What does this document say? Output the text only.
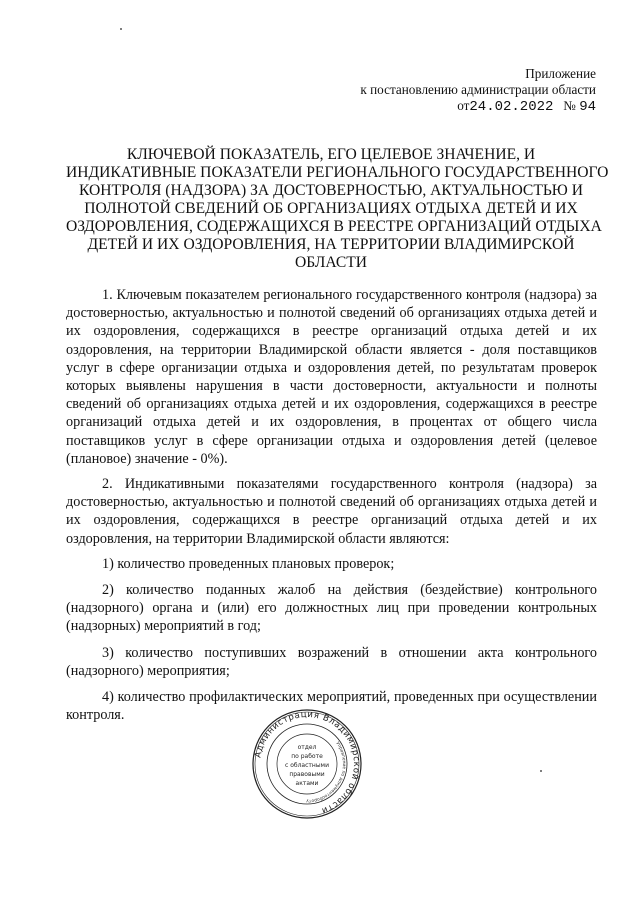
Приложение
к постановлению администрации области
от24.02.2022 № 94
КЛЮЧЕВОЙ ПОКАЗАТЕЛЬ, ЕГО ЦЕЛЕВОЕ ЗНАЧЕНИЕ, И
ИНДИКАТИВНЫЕ ПОКАЗАТЕЛИ РЕГИОНАЛЬНОГО ГОСУДАРСТВЕННОГО
КОНТРОЛЯ (НАДЗОРА) ЗА ДОСТОВЕРНОСТЬЮ, АКТУАЛЬНОСТЬЮ И
ПОЛНОТОЙ СВЕДЕНИЙ ОБ ОРГАНИЗАЦИЯХ ОТДЫХА ДЕТЕЙ И ИХ
ОЗДОРОВЛЕНИЯ, СОДЕРЖАЩИХСЯ В РЕЕСТРЕ ОРГАНИЗАЦИЙ ОТДЫХА
ДЕТЕЙ И ИХ ОЗДОРОВЛЕНИЯ, НА ТЕРРИТОРИИ ВЛАДИМИРСКОЙ
ОБЛАСТИ

1. Ключевым показателем регионального государственного контроля (надзора) за достоверностью, актуальностью и полнотой сведений об организациях отдыха детей и их оздоровления, содержащихся в реестре организаций отдыха детей и их оздоровления, на территории Владимирской области является - доля поставщиков услуг в сфере организации отдыха и оздоровления детей, по результатам проверок которых выявлены нарушения в части достоверности, актуальности и полноты сведений об организациях отдыха детей и их оздоровления, содержащихся в реестре организаций отдыха детей и их оздоровления, в процентах от общего числа поставщиков услуг в сфере организации отдыха и оздоровления детей (целевое (плановое) значение - 0%).

2. Индикативными показателями государственного контроля (надзора) за достоверностью, актуальностью и полнотой сведений об организациях отдыха детей и их оздоровления, содержащихся в реестре организаций отдыха детей и их оздоровления, на территории Владимирской области являются:

1) количество проведенных плановых проверок;

2) количество поданных жалоб на действия (бездействие) контрольного (надзорного) органа и (или) его должностных лиц при проведении контрольных (надзорных) мероприятий в год;

3) количество поступивших возражений в отношении акта контрольного (надзорного) мероприятия;

4) количество профилактических мероприятий, проведенных при осуществлении контроля.

Администрация Владимирской области
Управление по документообороту
отдел
по работе
с областными
правовыми
актами
